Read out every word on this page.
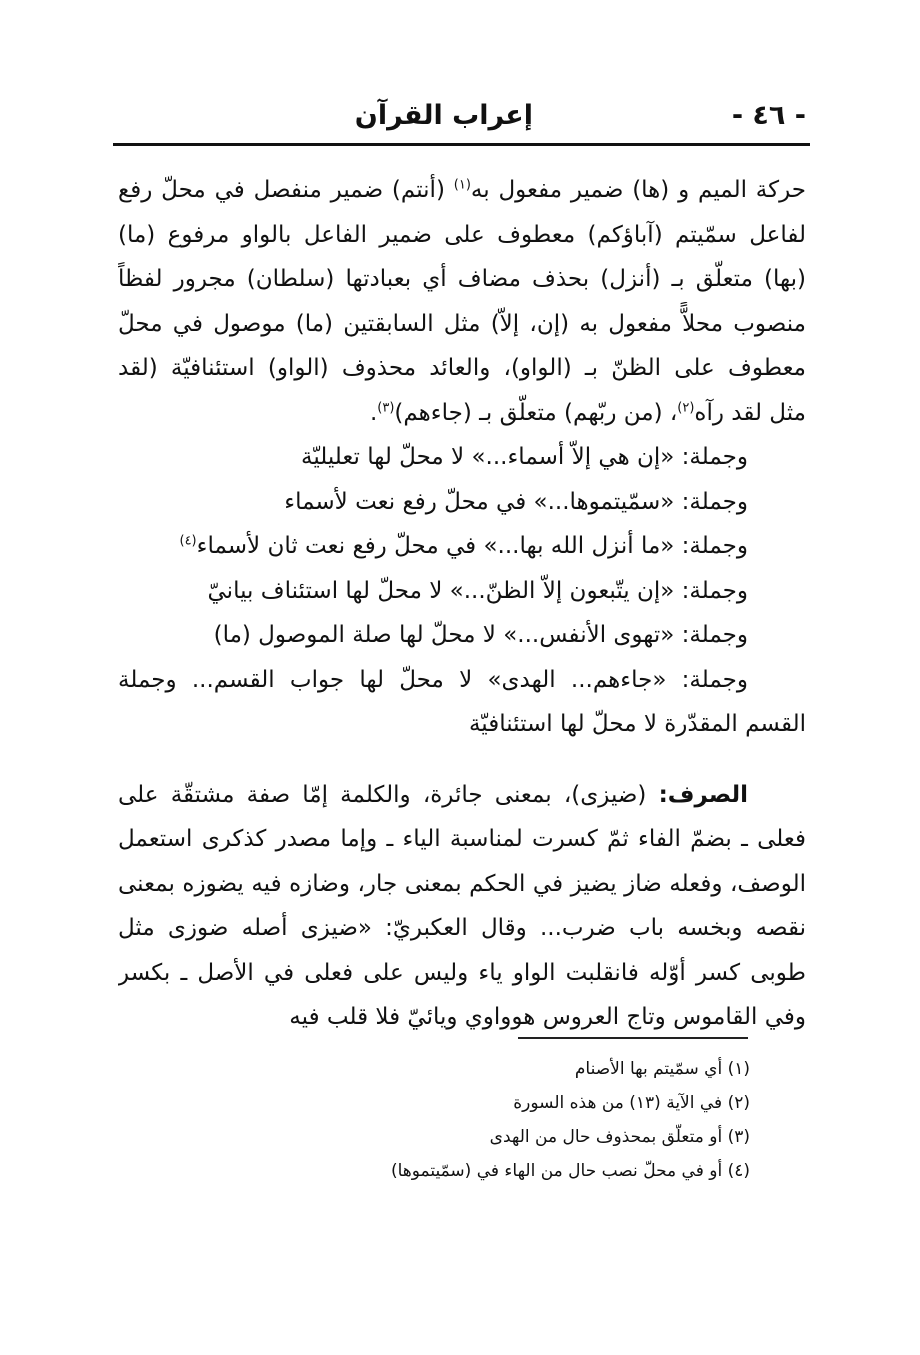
- ٤٦ -
إعراب القرآن
حركة الميم و (ها) ضمير مفعول به$^{(١)}$ (أنتم) ضمير منفصل في محلّ رفع
لفاعل سمّيتم (آباؤكم) معطوف على ضمير الفاعل بالواو مرفوع (ما)
(بها) متعلّق بـ (أنزل) بحذف مضاف أي بعبادتها (سلطان) مجرور لفظاً
منصوب محلاًّ مفعول به (إن، إلاّ) مثل السابقتين (ما) موصول في محلّ
معطوف على الظنّ بـ (الواو)، والعائد محذوف (الواو) استئنافيّة (لقد
مثل لقد رآه$^{(٢)}$، (من ربّهم) متعلّق بـ (جاءهم)$^{(٣)}$.
وجملة: «إن هي إلاّ أسماء...» لا محلّ لها تعليليّة
وجملة: «سمّيتموها...» في محلّ رفع نعت لأسماء
وجملة: «ما أنزل الله بها...» في محلّ رفع نعت ثان لأسماء$^{(٤)}$
وجملة: «إن يتّبعون إلاّ الظنّ...» لا محلّ لها استئناف بيانيّ
وجملة: «تهوى الأنفس...» لا محلّ لها صلة الموصول (ما)
وجملة: «جاءهم... الهدى» لا محلّ لها جواب القسم... وجملة
القسم المقدّرة لا محلّ لها استئنافيّة
الصرف: (ضيزى)، بمعنى جائرة، والكلمة إمّا صفة مشتقّة على
فعلى ـ بضمّ الفاء ثمّ كسرت لمناسبة الياء ـ وإما مصدر كذكرى استعمل
الوصف، وفعله ضاز يضيز في الحكم بمعنى جار، وضازه فيه يضوزه بمعنى
نقصه وبخسه باب ضرب... وقال العكبريّ: «ضيزى أصله ضوزى مثل
طوبى كسر أوّله فانقلبت الواو ياء وليس على فعلى في الأصل ـ بكسر
وفي القاموس وتاج العروس هوواوي ويائيّ فلا قلب فيه
(١) أي سمّيتم بها الأصنام
(٢) في الآية (١٣) من هذه السورة
(٣) أو متعلّق بمحذوف حال من الهدى
(٤) أو في محلّ نصب حال من الهاء في (سمّيتموها)
